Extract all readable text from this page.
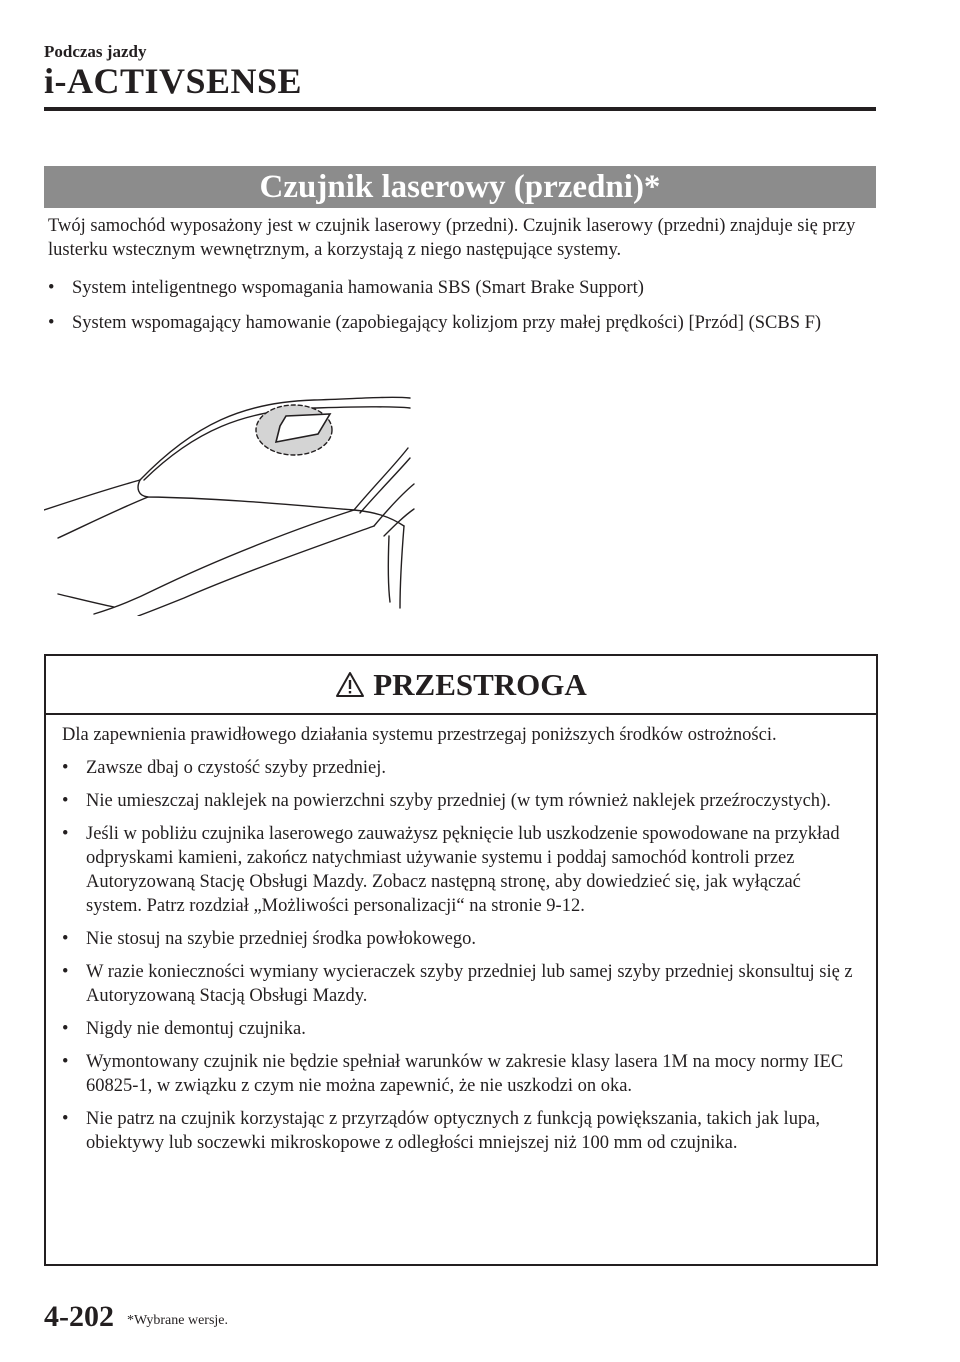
Podczas jazdy
i-ACTIVSENSE
Czujnik laserowy (przedni)*
Twój samochód wyposażony jest w czujnik laserowy (przedni). Czujnik laserowy (przedni) znajduje się przy lusterku wstecznym wewnętrznym, a korzystają z niego następujące systemy.
• System inteligentnego wspomagania hamowania SBS (Smart Brake Support)
• System wspomagający hamowanie (zapobiegający kolizjom przy małej prędkości) [Przód] (SCBS F)
PRZESTROGA

Dla zapewnienia prawidłowego działania systemu przestrzegaj poniższych środków ostrożności.

• Zawsze dbaj o czystość szyby przedniej.
• Nie umieszczaj naklejek na powierzchni szyby przedniej (w tym również naklejek przeźroczystych).
• Jeśli w pobliżu czujnika laserowego zauważysz pęknięcie lub uszkodzenie spowodowane na przykład odpryskami kamieni, zakończ natychmiast używanie systemu i poddaj samochód kontroli przez Autoryzowaną Stację Obsługi Mazdy. Zobacz następną stronę, aby dowiedzieć się, jak wyłączać system. Patrz rozdział „Możliwości personalizacji“ na stronie 9-12.
• Nie stosuj na szybie przedniej środka powłokowego.
• W razie konieczności wymiany wycieraczek szyby przedniej lub samej szyby przedniej skonsultuj się z Autoryzowaną Stacją Obsługi Mazdy.
• Nigdy nie demontuj czujnika.
• Wymontowany czujnik nie będzie spełniał warunków w zakresie klasy lasera 1M na mocy normy IEC 60825-1, w związku z czym nie można zapewnić, że nie uszkodzi on oka.
• Nie patrz na czujnik korzystając z przyrządów optycznych z funkcją powiększania, takich jak lupa, obiektywy lub soczewki mikroskopowe z odległości mniejszej niż 100 mm od czujnika.
4-202 *Wybrane wersje.
